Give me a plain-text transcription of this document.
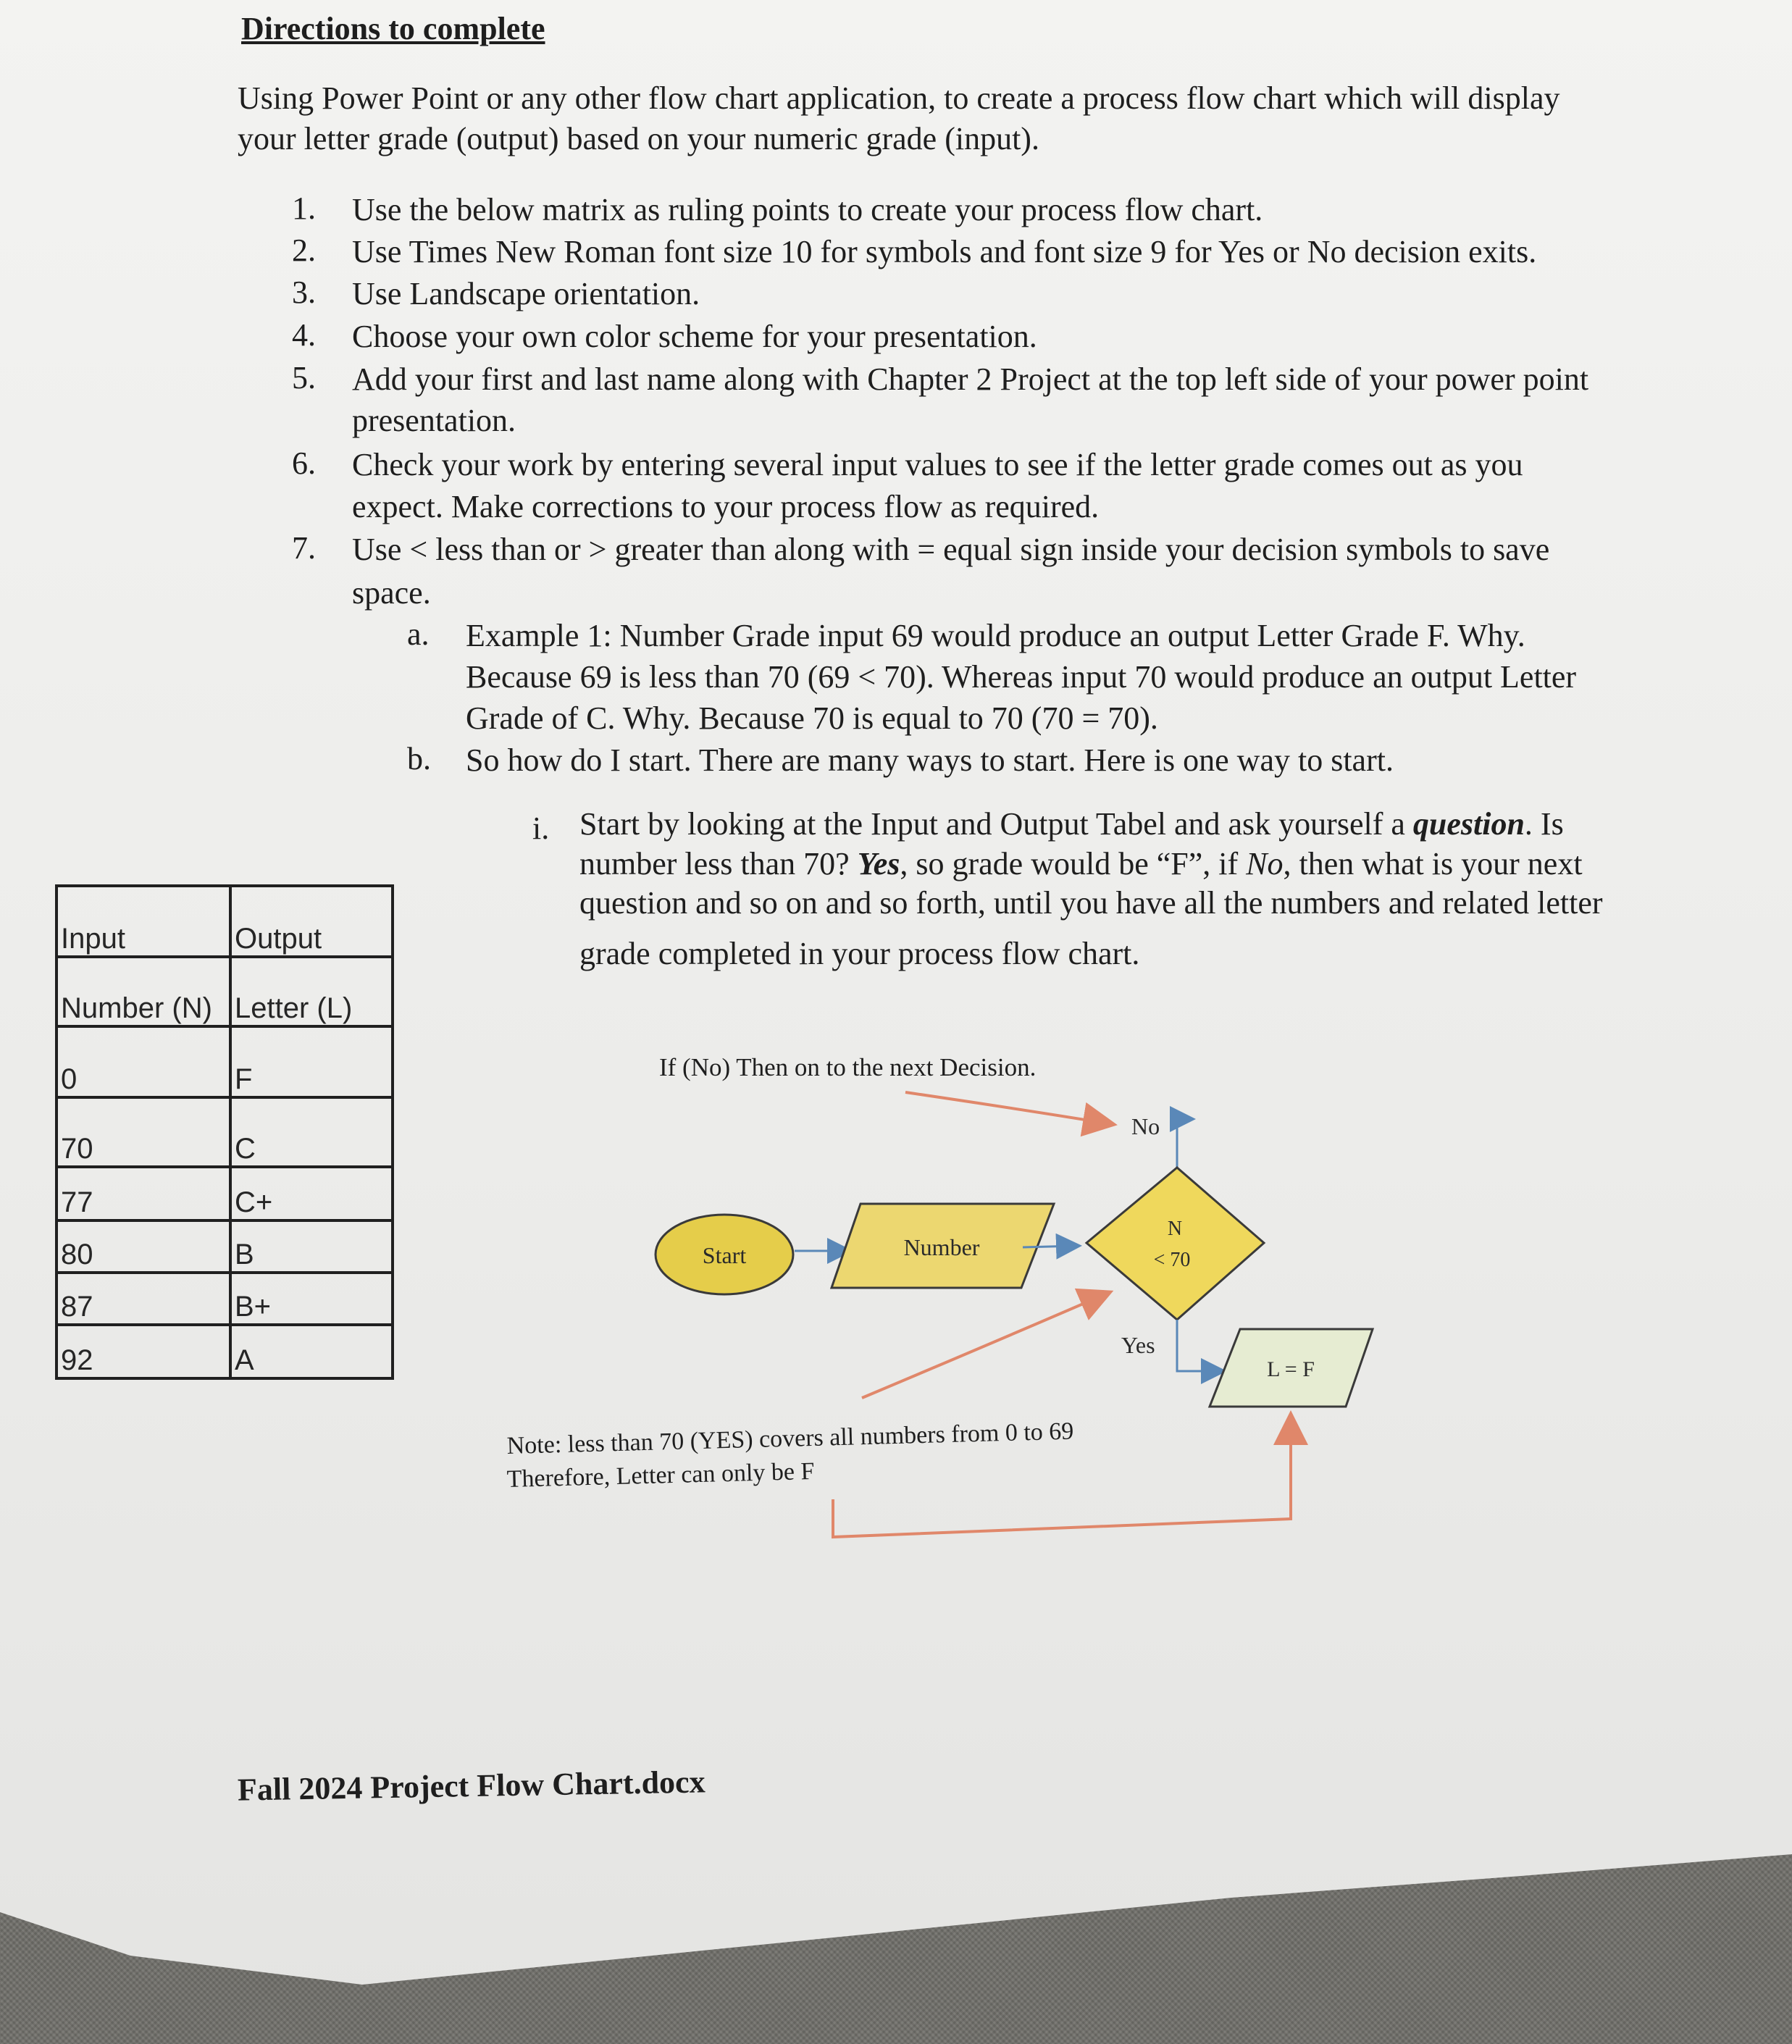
Directions to complete
Using Power Point or any other flow chart application, to create a process flow chart which will display
your letter grade (output) based on your numeric grade (input).
1. Use the below matrix as ruling points to create your process flow chart.
2. Use Times New Roman font size 10 for symbols and font size 9 for Yes or No decision exits.
3. Use Landscape orientation.
4. Choose your own color scheme for your presentation.
5. Add your first and last name along with Chapter 2 Project at the top left side of your power point
presentation.
6. Check your work by entering several input values to see if the letter grade comes out as you
expect. Make corrections to your process flow as required.
7. Use < less than or > greater than along with = equal sign inside your decision symbols to save
space.
a. Example 1: Number Grade input 69 would produce an output Letter Grade F. Why.
Because 69 is less than 70 (69 < 70). Whereas input 70 would produce an output Letter
Grade of C. Why. Because 70 is equal to 70 (70 = 70).
b. So how do I start. There are many ways to start. Here is one way to start.
i. Start by looking at the Input and Output Tabel and ask yourself a question. Is
number less than 70? Yes, so grade would be “F”, if No, then what is your next
question and so on and so forth, until you have all the numbers and related letter
grade completed in your process flow chart.
Input	Output
Number (N)	Letter (L)
0	F
70	C
77	C+
80	B
87	B+
92	A
If (No) Then on to the next Decision.
No
Start	Number
N
< 70
Yes
L = F
Note: less than 70 (YES) covers all numbers from 0 to 69
Therefore, Letter can only be F
Fall 2024 Project Flow Chart.docx
